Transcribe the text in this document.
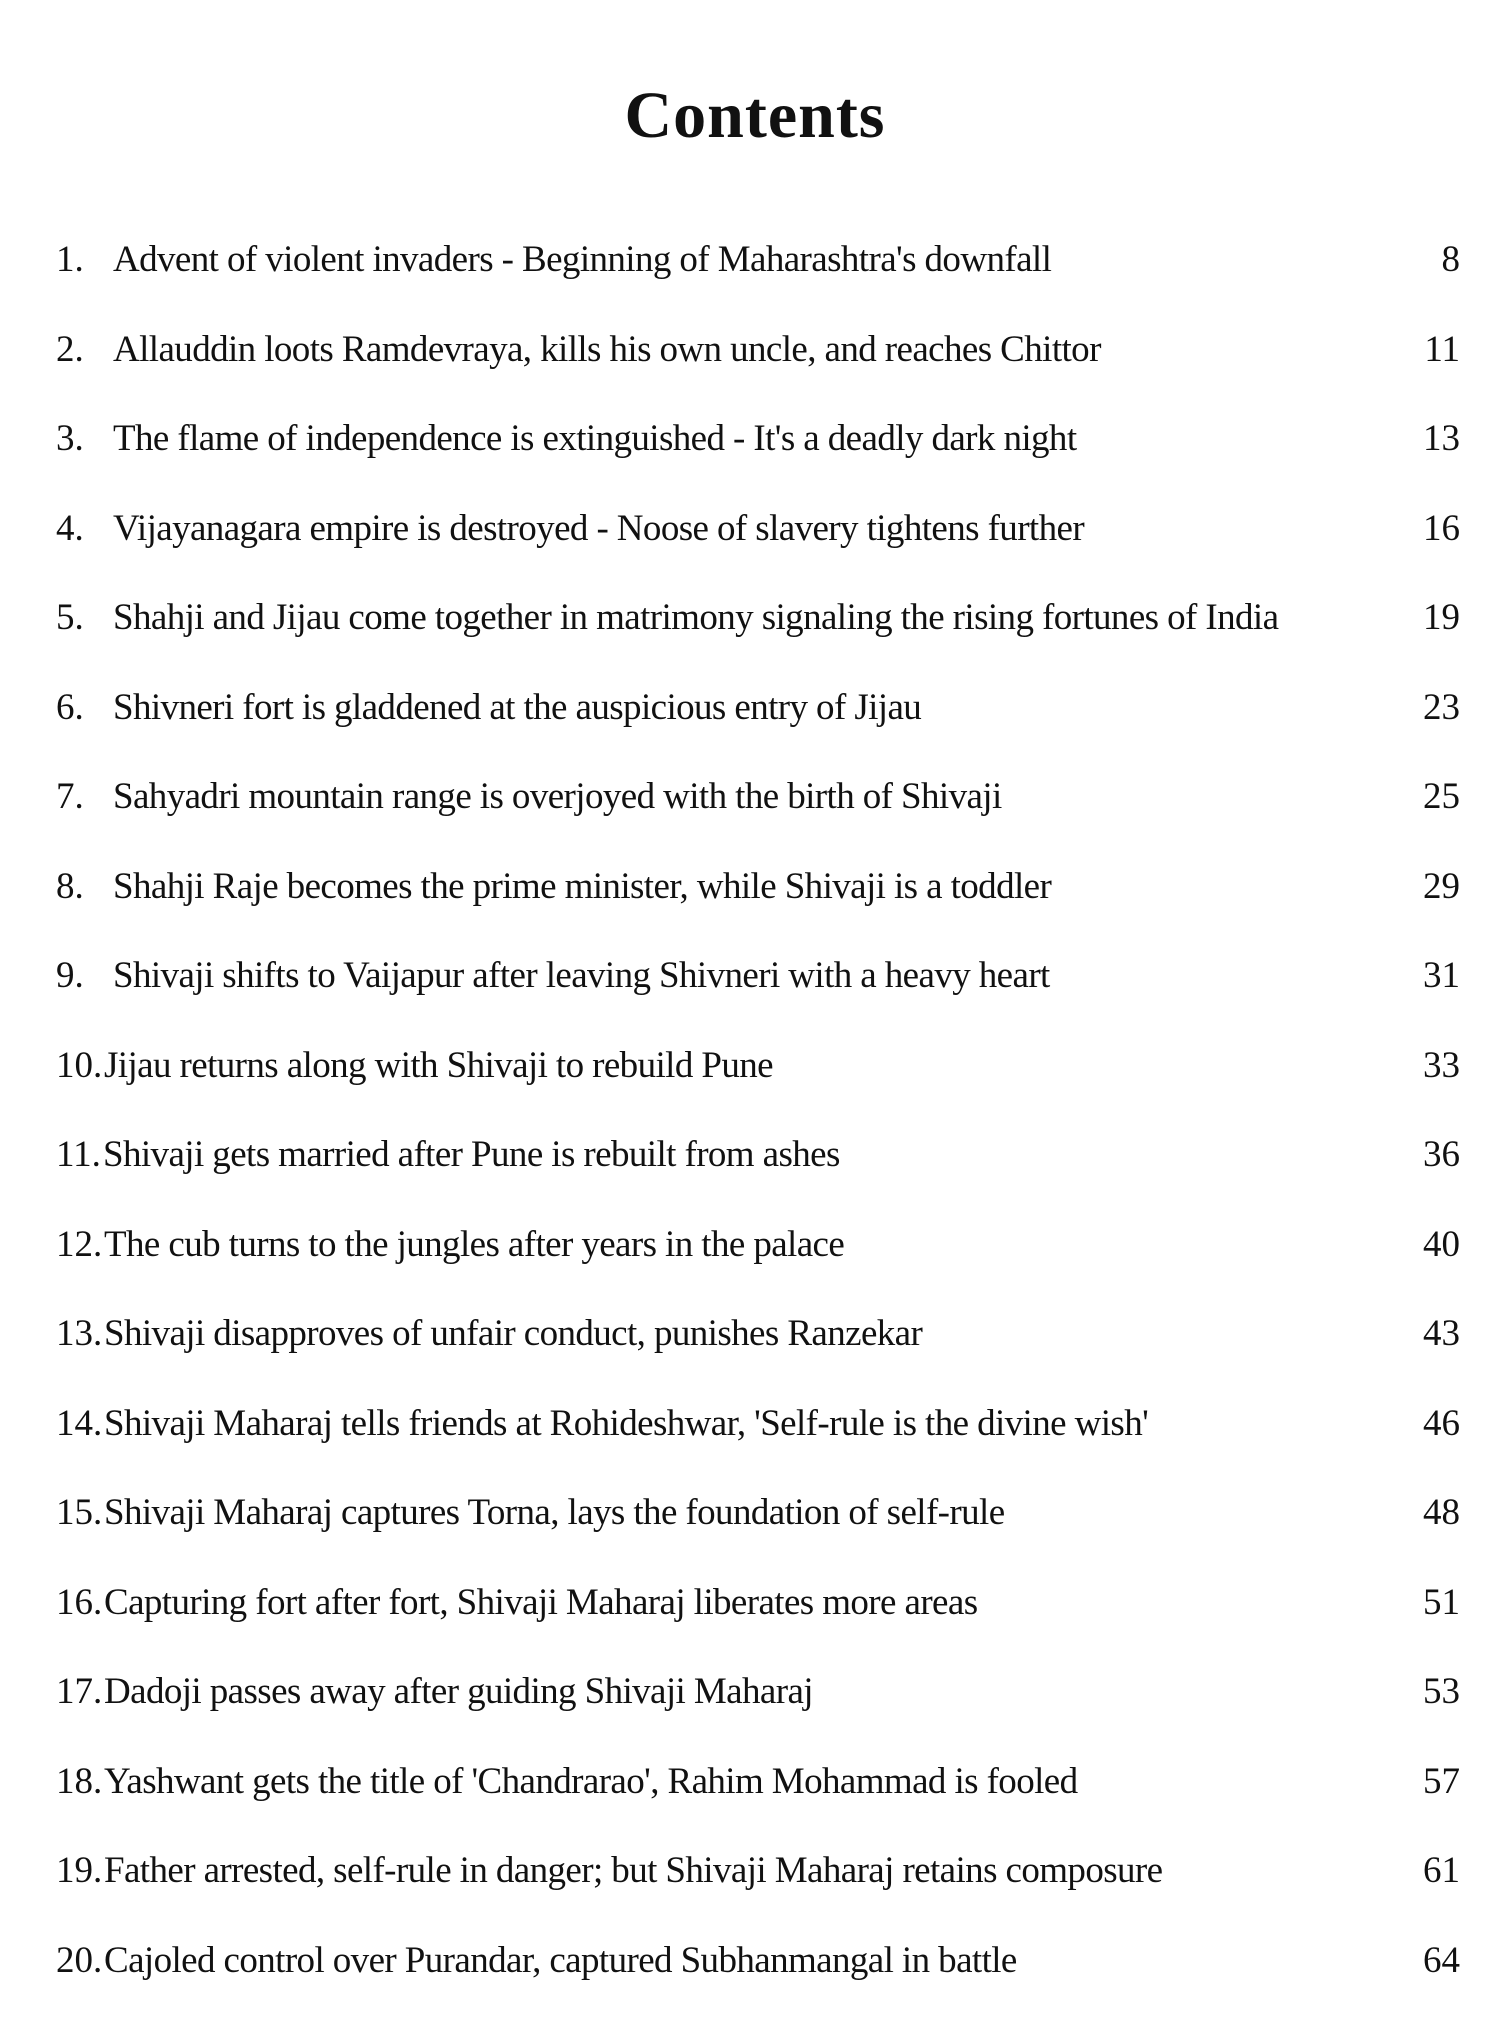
Contents
1. Advent of violent invaders - Beginning of Maharashtra's downfall	8
2. Allauddin loots Ramdevraya, kills his own uncle, and reaches Chittor	11
3. The flame of independence is extinguished - It's a deadly dark night	13
4. Vijayanagara empire is destroyed - Noose of slavery tightens further	16
5. Shahji and Jijau come together in matrimony signaling the rising fortunes of India	19
6. Shivneri fort is gladdened at the auspicious entry of Jijau	23
7. Sahyadri mountain range is overjoyed with the birth of Shivaji	25
8. Shahji Raje becomes the prime minister, while Shivaji is a toddler	29
9. Shivaji shifts to Vaijapur after leaving Shivneri with a heavy heart	31
10. Jijau returns along with Shivaji to rebuild Pune	33
11. Shivaji gets married after Pune is rebuilt from ashes	36
12. The cub turns to the jungles after years in the palace	40
13. Shivaji disapproves of unfair conduct, punishes Ranzekar	43
14. Shivaji Maharaj tells friends at Rohideshwar, 'Self-rule is the divine wish'	46
15. Shivaji Maharaj captures Torna, lays the foundation of self-rule	48
16. Capturing fort after fort, Shivaji Maharaj liberates more areas	51
17. Dadoji passes away after guiding Shivaji Maharaj	53
18. Yashwant gets the title of 'Chandrarao', Rahim Mohammad is fooled	57
19. Father arrested, self-rule in danger; but Shivaji Maharaj retains composure	61
20. Cajoled control over Purandar, captured Subhanmangal in battle	64
